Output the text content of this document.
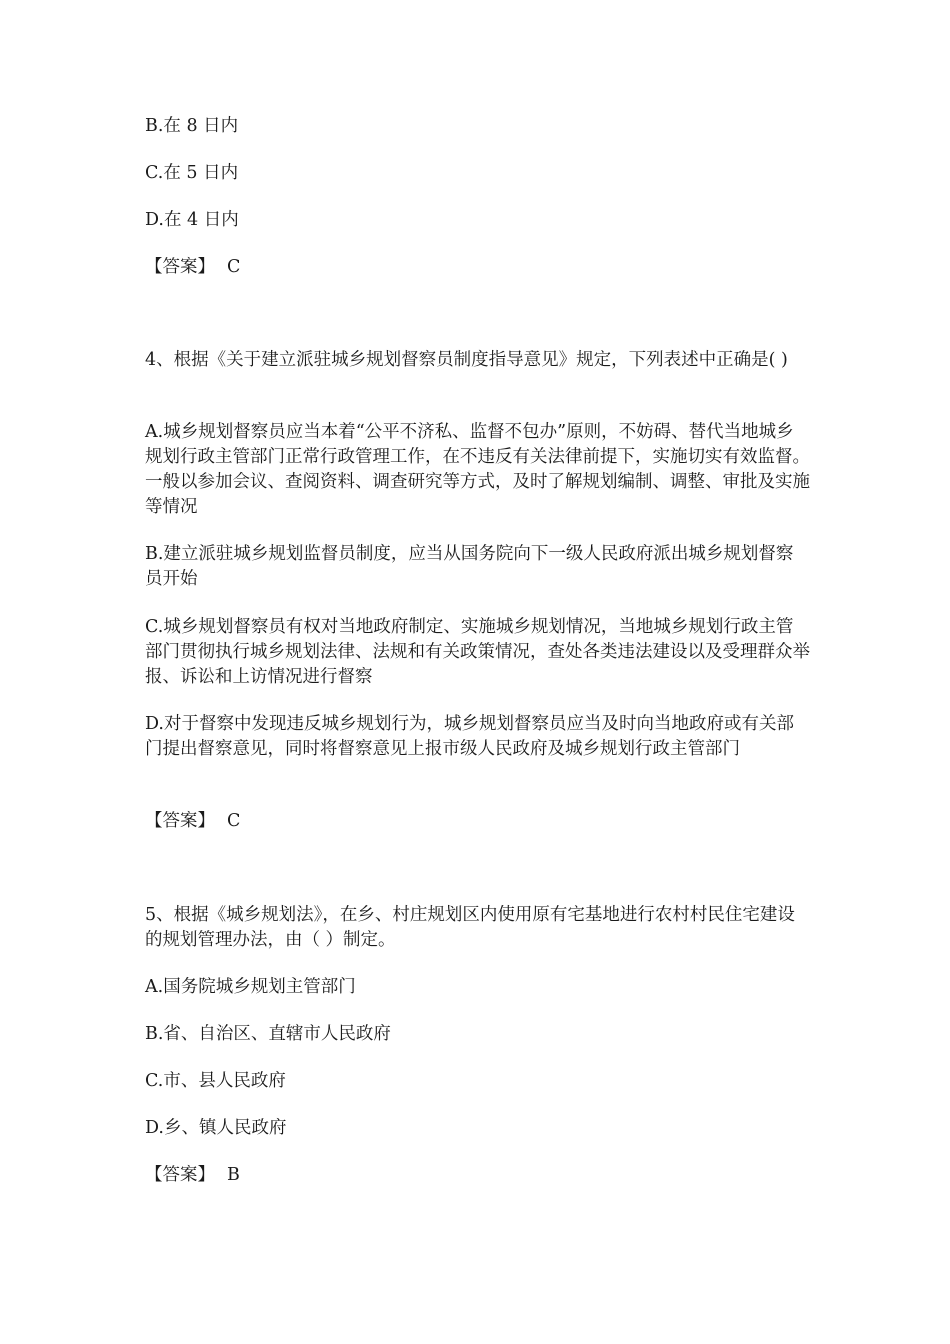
B.在 8 日内

C.在 5 日内

D.在 4 日内

【答案】 C

4、根据《关于建立派驻城乡规划督察员制度指导意见》规定，下列表述中正确是( )

A.城乡规划督察员应当本着“公平不济私、监督不包办”原则，不妨碍、替代当地城乡规划行政主管部门正常行政管理工作，在不违反有关法律前提下，实施切实有效监督。一般以参加会议、查阅资料、调查研究等方式，及时了解规划编制、调整、审批及实施等情况

B.建立派驻城乡规划监督员制度，应当从国务院向下一级人民政府派出城乡规划督察员开始

C.城乡规划督察员有权对当地政府制定、实施城乡规划情况，当地城乡规划行政主管部门贯彻执行城乡规划法律、法规和有关政策情况，查处各类违法建设以及受理群众举报、诉讼和上访情况进行督察

D.对于督察中发现违反城乡规划行为，城乡规划督察员应当及时向当地政府或有关部门提出督察意见，同时将督察意见上报市级人民政府及城乡规划行政主管部门

【答案】 C

5、根据《城乡规划法》，在乡、村庄规划区内使用原有宅基地进行农村村民住宅建设的规划管理办法，由（ ）制定。

A.国务院城乡规划主管部门

B.省、自治区、直辖市人民政府

C.市、县人民政府

D.乡、镇人民政府

【答案】 B
